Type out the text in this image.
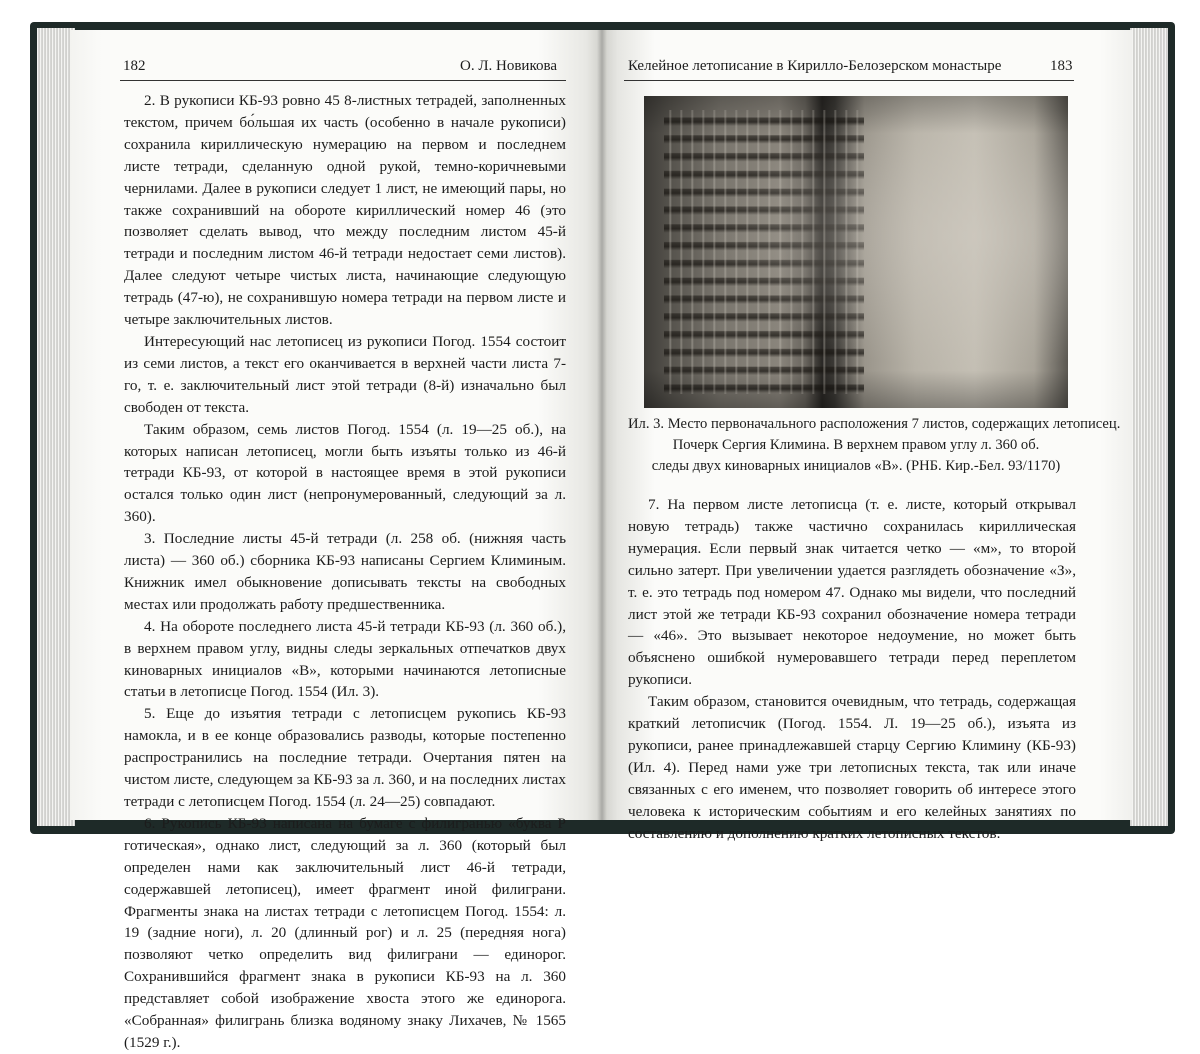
182	О. Л. Новикова

2. В рукописи КБ-93 ровно 45 8-листных тетрадей, заполненных текстом, причем бо́льшая их часть (особенно в начале рукописи) сохранила кириллическую нумерацию на первом и последнем листе тетради, сделанную одной рукой, темно-коричневыми чернилами. Далее в рукописи следует 1 лист, не имеющий пары, но также сохранивший на обороте кириллический номер 46 (это позволяет сделать вывод, что между последним листом 45-й тетради и последним листом 46-й тетради недостает семи листов). Далее следуют четыре чистых листа, начинающие следующую тетрадь (47-ю), не сохранившую номера тетради на первом листе и четыре заключительных листов.

Интересующий нас летописец из рукописи Погод. 1554 состоит из семи листов, а текст его оканчивается в верхней части листа 7-го, т. е. заключительный лист этой тетради (8-й) изначально был свободен от текста.

Таким образом, семь листов Погод. 1554 (л. 19—25 об.), на которых написан летописец, могли быть изъяты только из 46-й тетради КБ-93, от которой в настоящее время в этой рукописи остался только один лист (непронумерованный, следующий за л. 360).

3. Последние листы 45-й тетради (л. 258 об. (нижняя часть листа) — 360 об.) сборника КБ-93 написаны Сергием Климиным. Книжник имел обыкновение дописывать тексты на свободных местах или продолжать работу предшественника.

4. На обороте последнего листа 45-й тетради КБ-93 (л. 360 об.), в верхнем правом углу, видны следы зеркальных отпечатков двух киноварных инициалов «В», которыми начинаются летописные статьи в летописце Погод. 1554 (Ил. 3).

5. Еще до изъятия тетради с летописцем рукопись КБ-93 намокла, и в ее конце образовались разводы, которые постепенно распространились на последние тетради. Очертания пятен на чистом листе, следующем за КБ-93 за л. 360, и на последних листах тетради с летописцем Погод. 1554 (л. 24—25) совпадают.

6. Рукопись КБ-93 написана на бумаге с филигранью «буква Р готическая», однако лист, следующий за л. 360 (который был определен нами как заключительный лист 46-й тетради, содержавшей летописец), имеет фрагмент иной филиграни. Фрагменты знака на листах тетради с летописцем Погод. 1554: л. 19 (задние ноги), л. 20 (длинный рог) и л. 25 (передняя нога) позволяют четко определить вид филиграни — единорог. Сохранившийся фрагмент знака в рукописи КБ-93 на л. 360 представляет собой изображение хвоста этого же единорога. «Собранная» филигрань близка водяному знаку Лихачев, № 1565 (1529 г.).

Келейное летописание в Кирилло-Белозерском монастыре	183
Ил. 3. Место первоначального расположения 7 листов, содержащих летописец.
Почерк Сергия Климина. В верхнем правом углу л. 360 об.
следы двух киноварных инициалов «В». (РНБ. Кир.-Бел. 93/1170)

7. На первом листе летописца (т. е. листе, который открывал новую тетрадь) также частично сохранилась кириллическая нумерация. Если первый знак читается четко — «м», то второй сильно затерт. При увеличении удается разглядеть обозначение «З», т. е. это тетрадь под номером 47. Однако мы видели, что последний лист этой же тетради КБ-93 сохранил обозначение номера тетради — «46». Это вызывает некоторое недоумение, но может быть объяснено ошибкой нумеровавшего тетради перед переплетом рукописи.

Таким образом, становится очевидным, что тетрадь, содержащая краткий летописчик (Погод. 1554. Л. 19—25 об.), изъята из рукописи, ранее принадлежавшей старцу Сергию Климину (КБ-93) (Ил. 4). Перед нами уже три летописных текста, так или иначе связанных с его именем, что позволяет говорить об интересе этого человека к историческим событиям и его келейных занятиях по составлению и дополнению кратких летописных текстов.
